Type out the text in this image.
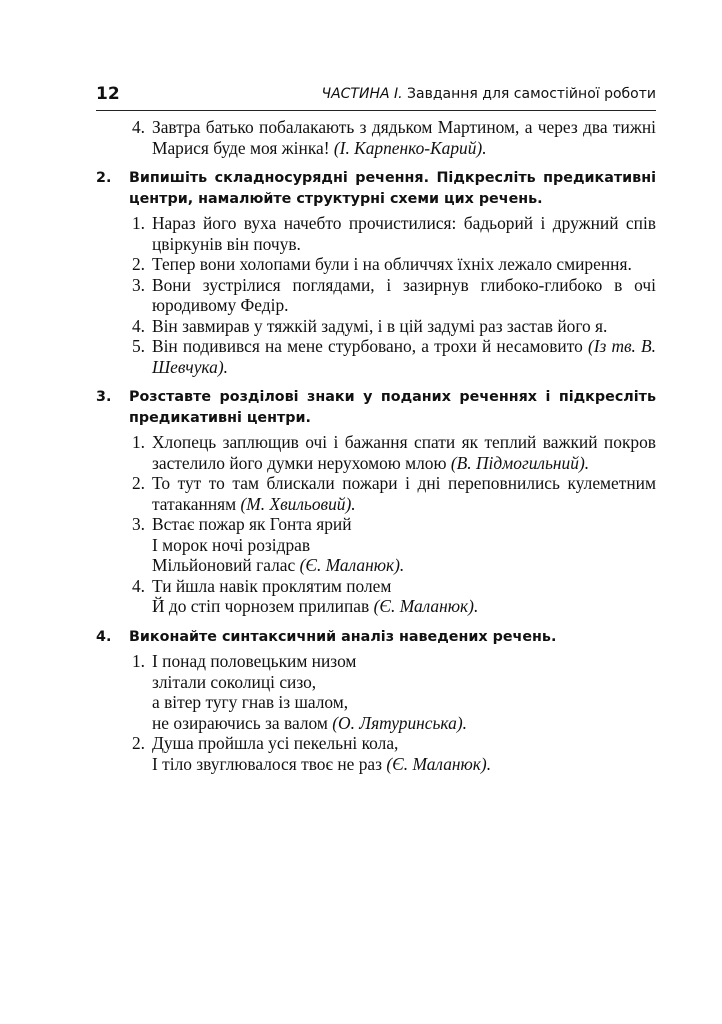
12	ЧАСТИНА І. Завдання для самостійної роботи
4. Завтра батько побалакають з дядьком Мартином, а через два тижні Марися буде моя жінка! (І. Карпенко-Карий).
2.	Випишіть складносурядні речення. Підкресліть предикативні центри, намалюйте структурні схеми цих речень.
1. Нараз його вуха начебто прочистилися: бадьорий і дружний спів цвіркунів він почув.
2. Тепер вони холопами були і на обличчях їхніх лежало смирення.
3. Вони зустрілися поглядами, і зазирнув глибоко-глибоко в очі юродивому Федір.
4. Він завмирав у тяжкій задумі, і в цій задумі раз застав його я.
5. Він подивився на мене стурбовано, а трохи й несамовито (Із тв. В. Шевчука).
3.	Розставте розділові знаки у поданих реченнях і підкресліть предикативні центри.
1. Хлопець заплющив очі і бажання спати як теплий важкий покров застелило його думки нерухомою млою (В. Підмогильний).
2. То тут то там блискали пожари і дні переповнились кулеметним татаканням (М. Хвильовий).
3. Встає пожар як Гонта ярий
І морок ночі розідрав
Мільйоновий галас (Є. Маланюк).
4. Ти йшла навік проклятим полем
Й до стіп чорнозем прилипав (Є. Маланюк).
4.	Виконайте синтаксичний аналіз наведених речень.
1. І понад половецьким низом
злітали соколиці сизо,
а вітер тугу гнав із шалом,
не озираючись за валом (О. Лятуринська).
2. Душа пройшла усі пекельні кола,
І тіло звуглювалося твоє не раз (Є. Маланюк).
